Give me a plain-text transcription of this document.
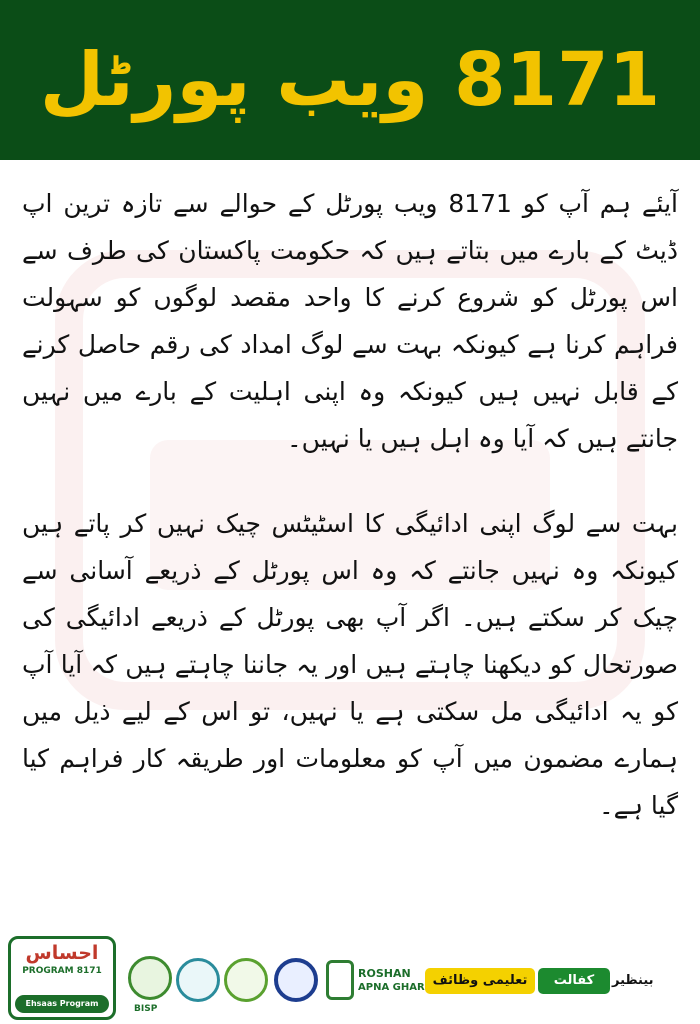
8171 ویب پورٹل

آیئے ہم آپ کو 8171 ویب پورٹل کے حوالے سے تازہ ترین اپ ڈیٹ کے بارے میں بتاتے ہیں کہ حکومت پاکستان کی طرف سے اس پورٹل کو شروع کرنے کا واحد مقصد لوگوں کو سہولت فراہم کرنا ہے کیونکہ بہت سے لوگ امداد کی رقم حاصل کرنے کے قابل نہیں ہیں کیونکہ وہ اپنی اہلیت کے بارے میں نہیں جانتے ہیں کہ آیا وہ اہل ہیں یا نہیں۔

بہت سے لوگ اپنی ادائیگی کا اسٹیٹس چیک نہیں کر پاتے ہیں کیونکہ وہ نہیں جانتے کہ وہ اس پورٹل کے ذریعے آسانی سے چیک کر سکتے ہیں۔ اگر آپ بھی پورٹل کے ذریعے ادائیگی کی صورتحال کو دیکھنا چاہتے ہیں اور یہ جاننا چاہتے ہیں کہ آیا آپ کو یہ ادائیگی مل سکتی ہے یا نہیں، تو اس کے لیے ذیل میں ہمارے مضمون میں آپ کو معلومات اور طریقہ کار فراہم کیا گیا ہے۔

احساس
PROGRAM 8171
Ehsaas Program
BISP
ROSHAN
APNA GHAR تعلیمی وظائف	کفالت	بینظیر
